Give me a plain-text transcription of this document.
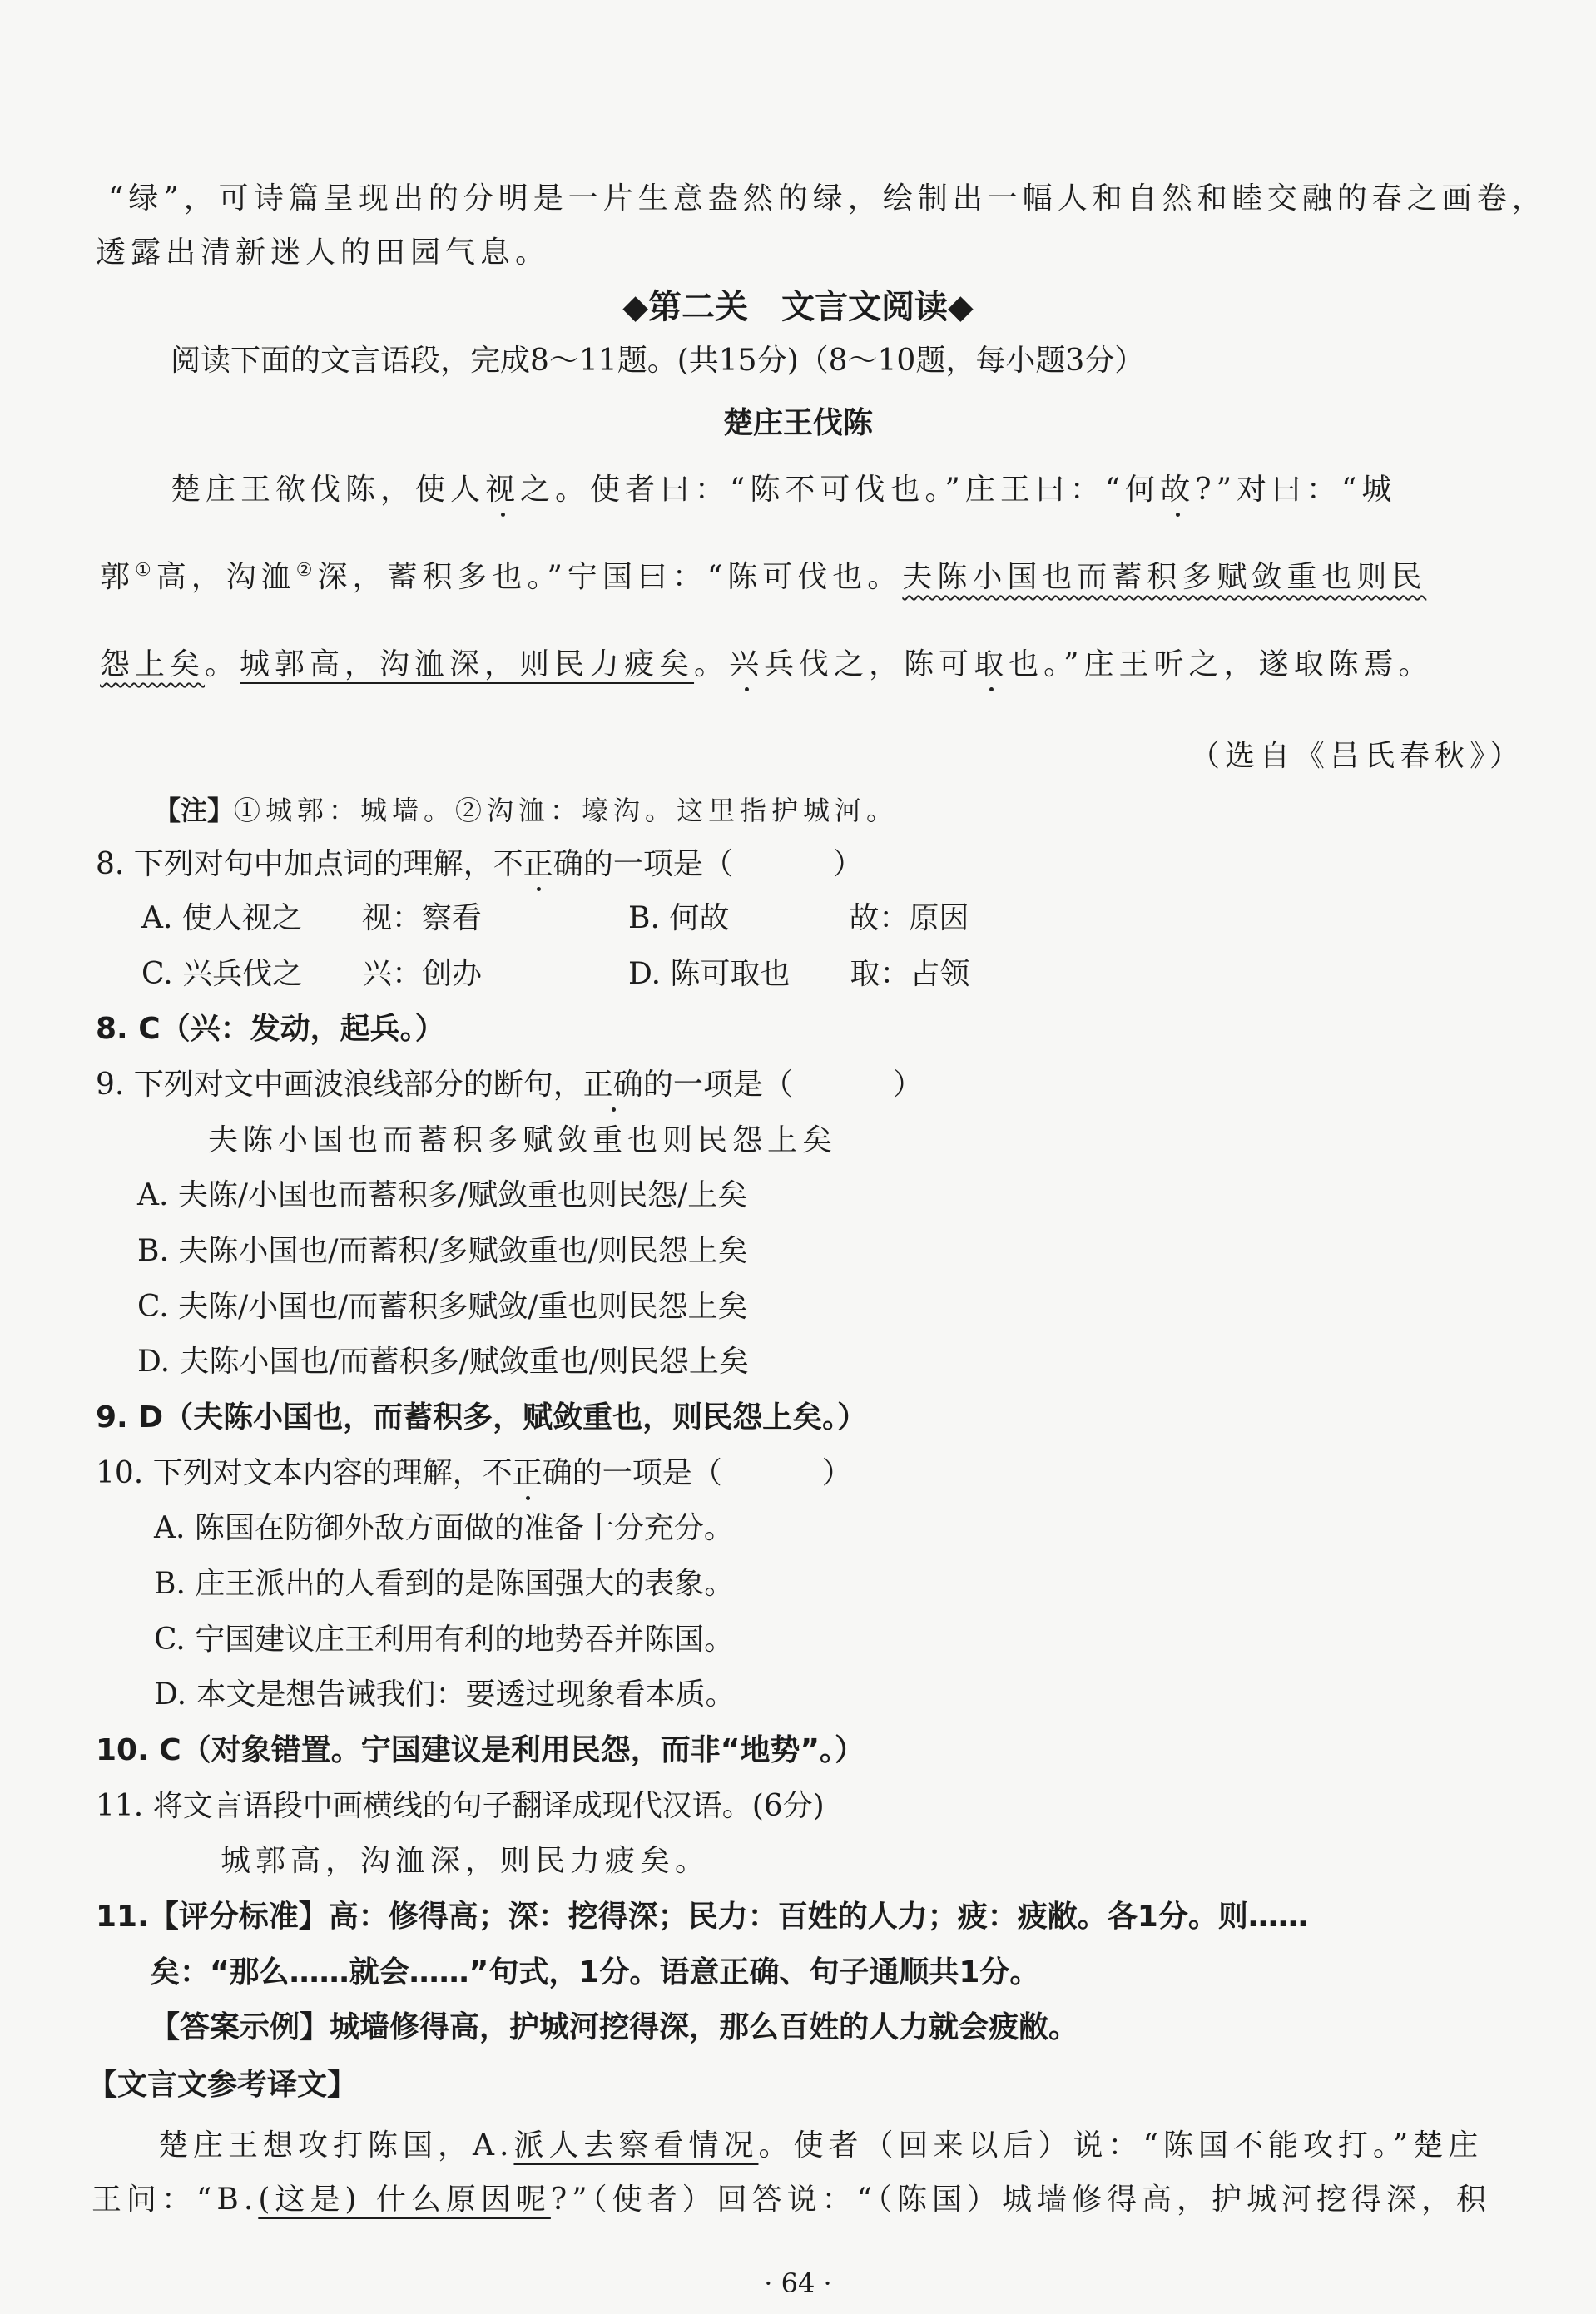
“绿”，可诗篇呈现出的分明是一片生意盎然的绿，绘制出一幅人和自然和睦交融的春之画卷，
透露出清新迷人的田园气息。
◆第二关　文言文阅读◆
阅读下面的文言语段，完成8～11题。(共15分)（8～10题，每小题3分）
楚庄王伐陈
楚庄王欲伐陈，使人视之。使者曰：“陈不可伐也。”庄王曰：“何故?”对曰：“城
郭①高，沟洫②深，蓄积多也。”宁国曰：“陈可伐也。夫陈小国也而蓄积多赋敛重也则民
怨上矣。城郭高，沟洫深，则民力疲矣。兴兵伐之，陈可取也。”庄王听之，遂取陈焉。
（选自《吕氏春秋》）
【注】①城郭：城墙。②沟洫：壕沟。这里指护城河。
8. 下列对句中加点词的理解，不正确的一项是（	）
A. 使人视之　　视：察看	B. 何故　　　　故：原因
C. 兴兵伐之　　兴：创办	D. 陈可取也　　取：占领
8. C（兴：发动，起兵。）
9. 下列对文中画波浪线部分的断句，正确的一项是（	）
夫陈小国也而蓄积多赋敛重也则民怨上矣
A. 夫陈/小国也而蓄积多/赋敛重也则民怨/上矣
B. 夫陈小国也/而蓄积/多赋敛重也/则民怨上矣
C. 夫陈/小国也/而蓄积多赋敛/重也则民怨上矣
D. 夫陈小国也/而蓄积多/赋敛重也/则民怨上矣
9. D（夫陈小国也，而蓄积多，赋敛重也，则民怨上矣。）
10. 下列对文本内容的理解，不正确的一项是（	）
A. 陈国在防御外敌方面做的准备十分充分。
B. 庄王派出的人看到的是陈国强大的表象。
C. 宁国建议庄王利用有利的地势吞并陈国。
D. 本文是想告诫我们：要透过现象看本质。
10. C（对象错置。宁国建议是利用民怨，而非“地势”。）
11. 将文言语段中画横线的句子翻译成现代汉语。(6分)
城郭高，沟洫深，则民力疲矣。
11.【评分标准】高：修得高；深：挖得深；民力：百姓的人力；疲：疲敝。各1分。则……
矣：“那么……就会……”句式，1分。语意正确、句子通顺共1分。
【答案示例】城墙修得高，护城河挖得深，那么百姓的人力就会疲敝。
【文言文参考译文】
楚庄王想攻打陈国，A.派人去察看情况。使者（回来以后）说：“陈国不能攻打。”楚庄
王问：“B.(这是) 什么原因呢?”（使者）回答说：“（陈国）城墙修得高，护城河挖得深，积
· 64 ·
